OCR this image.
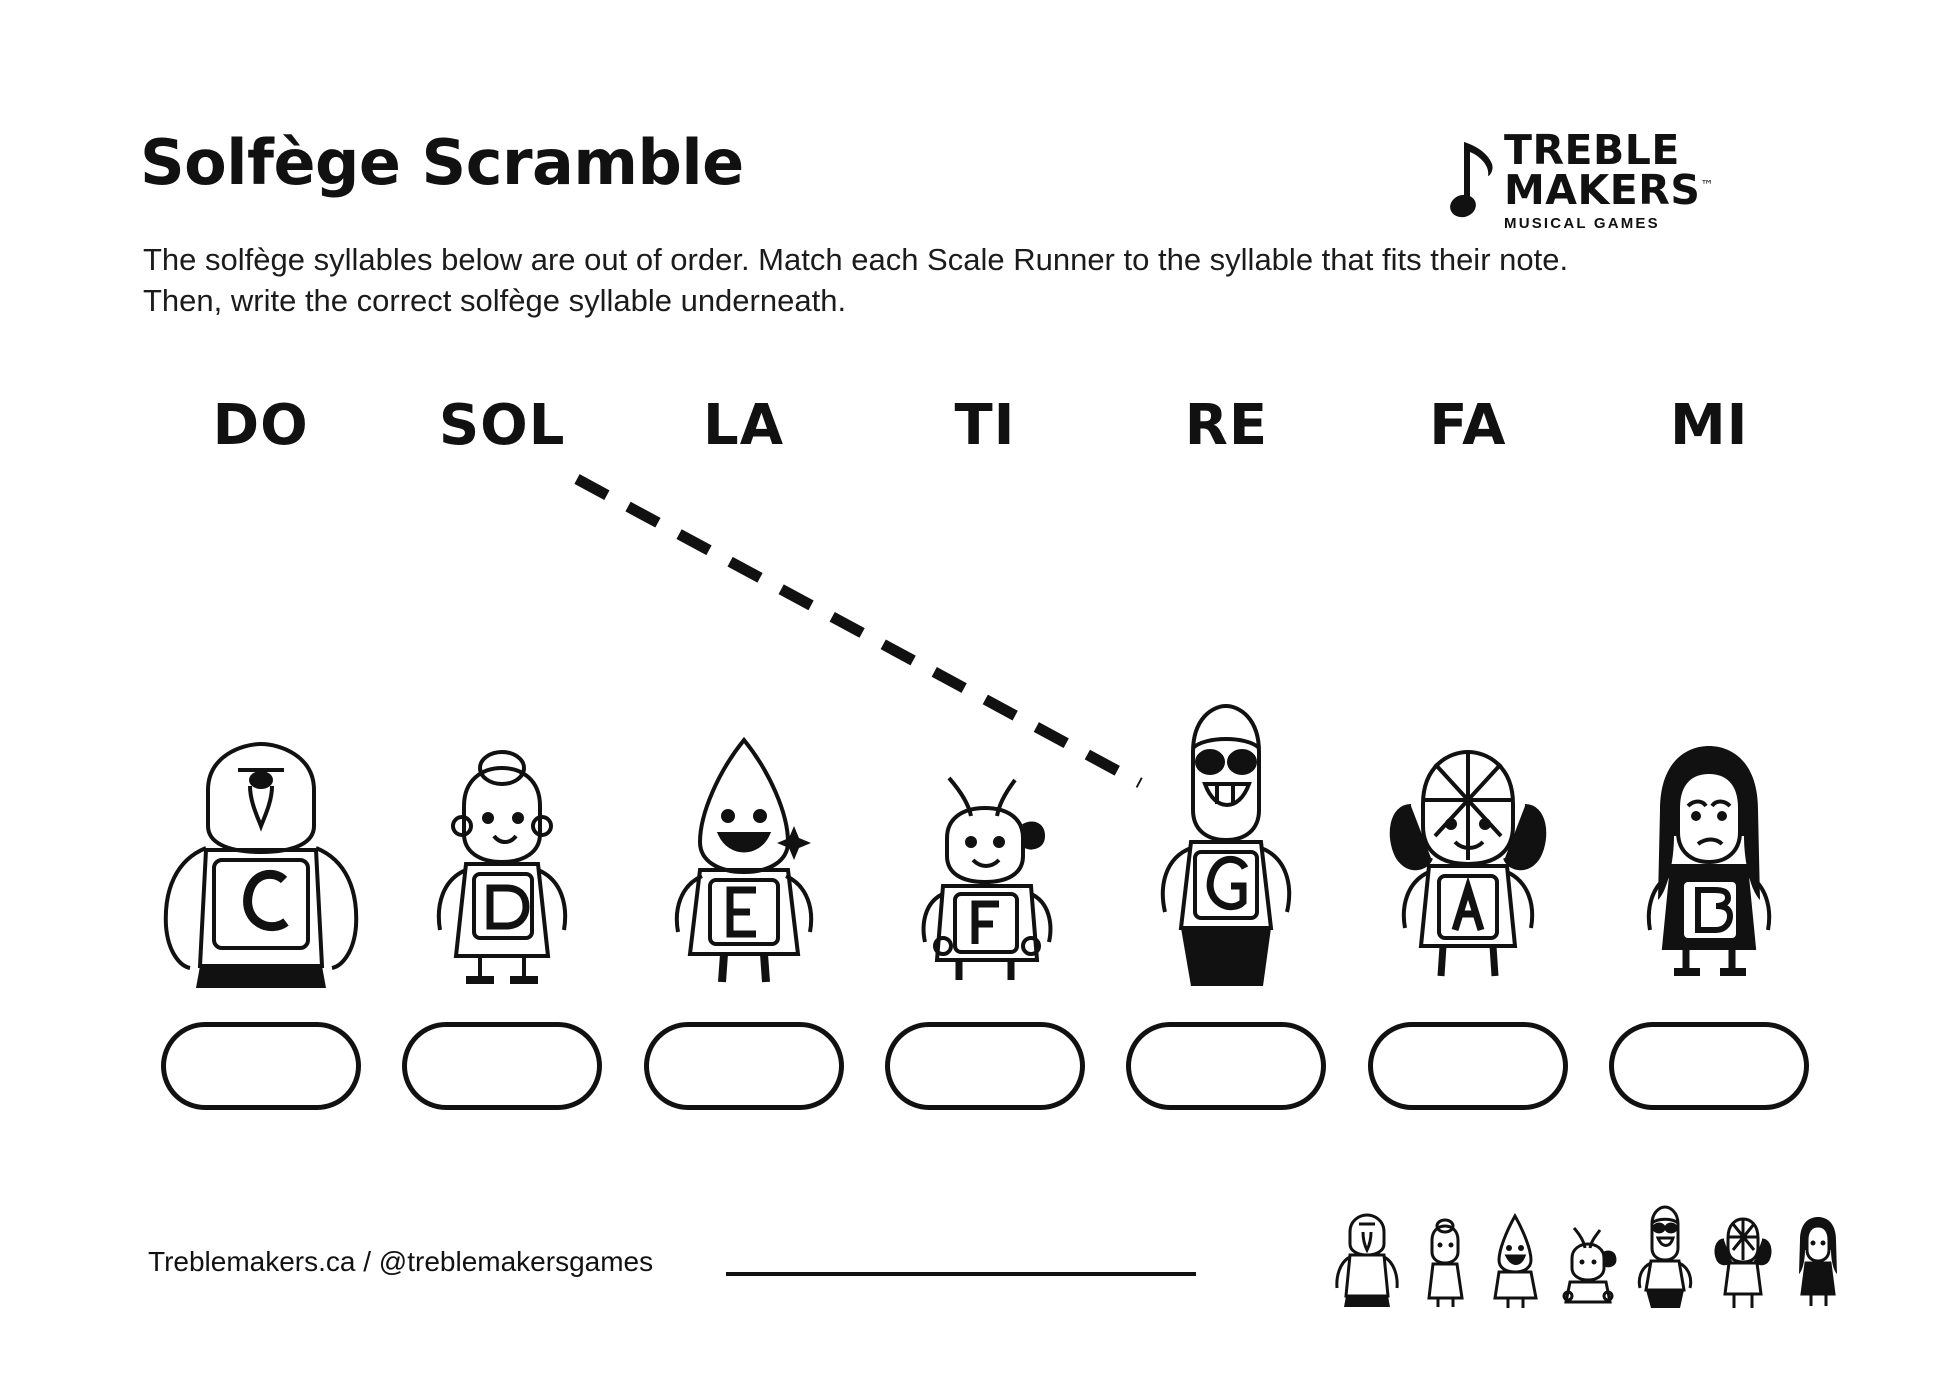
Solfège Scramble
The solfège syllables below are out of order. Match each Scale Runner to the syllable that fits their note. Then, write the correct solfège syllable underneath.
TREBLE
MAKERS™
MUSICAL GAMES
DO	SOL	LA	TI	RE	FA	MI
Treblemakers.ca / @treblemakersgames
